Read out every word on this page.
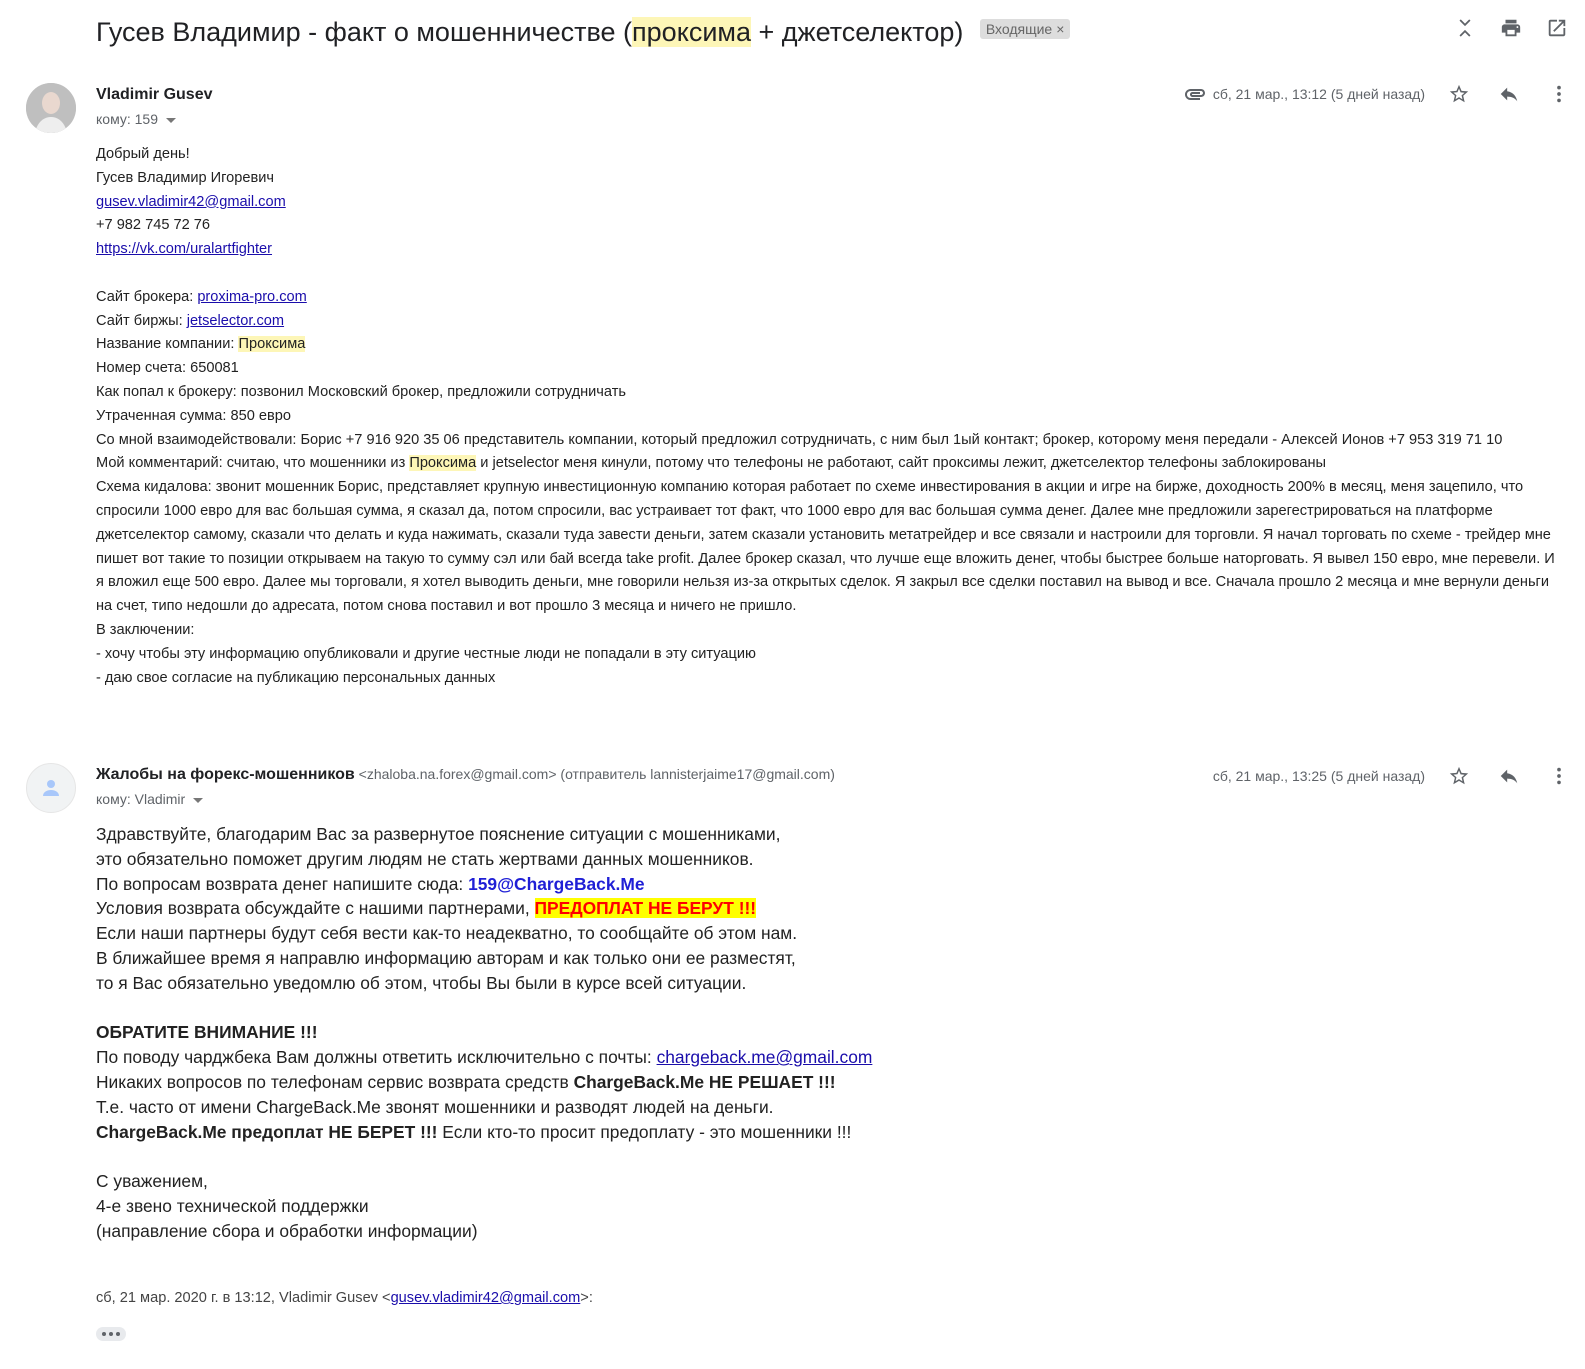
Гусев Владимир - факт о мошенничестве (проксима + джетселектор) Входящие ×
Vladimir Gusev
кому: 159
сб, 21 мар., 13:12 (5 дней назад)

Добрый день!

Гусев Владимир Игоревич

gusev.vladimir42@gmail.com

+7 982 745 72 76

https://vk.com/uralartfighter

Сайт брокера: proxima-pro.com

Сайт биржы: jetselector.com

Название компании: Проксима

Номер счета: 650081

Как попал к брокеру: позвонил Московский брокер, предложили сотрудничать

Утраченная сумма: 850 евро

Со мной взаимодействовали: Борис +7 916 920 35 06 представитель компании, который предложил сотрудничать, с ним был 1ый контакт; брокер, которому меня передали - Алексей Ионов +7 953 319 71 10

Мой комментарий: считаю, что мошенники из Проксима и jetselector меня кинули, потому что телефоны не работают, сайт проксимы лежит, джетселектор телефоны заблокированы

Схема кидалова: звонит мошенник Борис, представляет крупную инвестиционную компанию которая работает по схеме инвестирования в акции и игре на бирже, доходность 200% в месяц, меня зацепило, что спросили 1000 евро для вас большая сумма, я сказал да, потом спросили, вас устраивает тот факт, что 1000 евро для вас большая сумма денег. Далее мне предложили зарегестрироваться на платформе джетселектор самому, сказали что делать и куда нажимать, сказали туда завести деньги, затем сказали установить метатрейдер и все связали и настроили для торговли. Я начал торговать по схеме - трейдер мне пишет вот такие то позиции открываем на такую то сумму сэл или бай всегда take profit. Далее брокер сказал, что лучше еще вложить денег, чтобы быстрее больше наторговать. Я вывел 150 евро, мне перевели. И я вложил еще 500 евро. Далее мы торговали, я хотел выводить деньги, мне говорили нельзя из-за открытых сделок. Я закрыл все сделки поставил на вывод и все. Сначала прошло 2 месяца и мне вернули деньги на счет, типо недошли до адресата, потом снова поставил и вот прошло 3 месяца и ничего не пришло.

В заключении:

- хочу чтобы эту информацию опубликовали и другие честные люди не попадали в эту ситуацию

- даю свое согласие на публикацию персональных данных

Жалобы на форекс-мошенников <zhaloba.na.forex@gmail.com> (отправитель lannisterjaime17@gmail.com)
кому: Vladimir
сб, 21 мар., 13:25 (5 дней назад)

Здравствуйте, благодарим Вас за развернутое пояснение ситуации с мошенниками,

это обязательно поможет другим людям не стать жертвами данных мошенников.

По вопросам возврата денег напишите сюда: 159@ChargeBack.Me

Условия возврата обсуждайте с нашими партнерами, ПРЕДОПЛАТ НЕ БЕРУТ !!!

Если наши партнеры будут себя вести как-то неадекватно, то сообщайте об этом нам.

В ближайшее время я направлю информацию авторам и как только они ее разместят,

то я Вас обязательно уведомлю об этом, чтобы Вы были в курсе всей ситуации.

ОБРАТИТЕ ВНИМАНИЕ !!!

По поводу чарджбека Вам должны ответить исключительно с почты: chargeback.me@gmail.com

Никаких вопросов по телефонам сервис возврата средств ChargeBack.Me НЕ РЕШАЕТ !!!

Т.е. часто от имени ChargeBack.Me звонят мошенники и разводят людей на деньги.

ChargeBack.Me предоплат НЕ БЕРЕТ !!! Если кто-то просит предоплату - это мошенники !!!

С уважением,

4-е звено технической поддержки

(направление сбора и обработки информации)

сб, 21 мар. 2020 г. в 13:12, Vladimir Gusev <gusev.vladimir42@gmail.com>:
